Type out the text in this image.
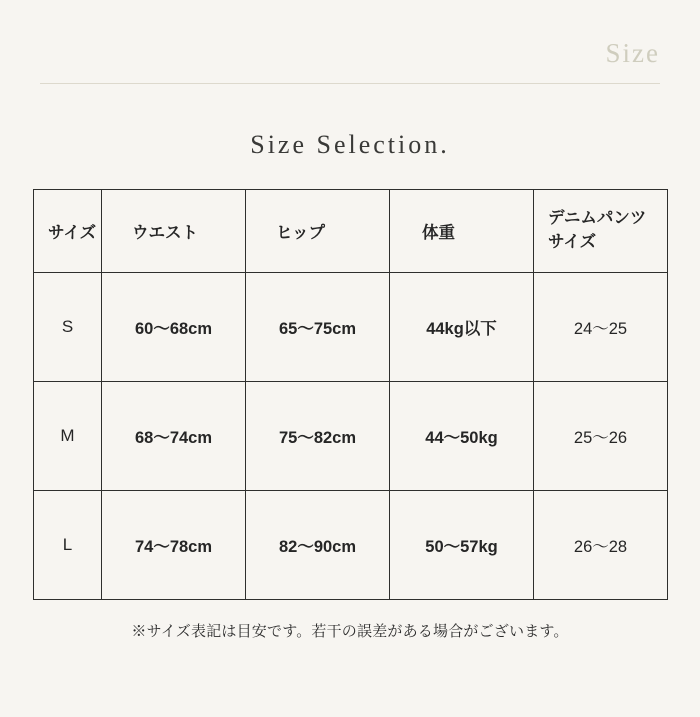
Size
Size Selection.
サイズ	ウエスト	ヒップ	体重	デニムパンツ
サイズ
S	60〜68cm	65〜75cm	44kg以下	24〜25
M	68〜74cm	75〜82cm	44〜50kg	25〜26
L	74〜78cm	82〜90cm	50〜57kg	26〜28
※サイズ表記は目安です。若干の誤差がある場合がございます。
